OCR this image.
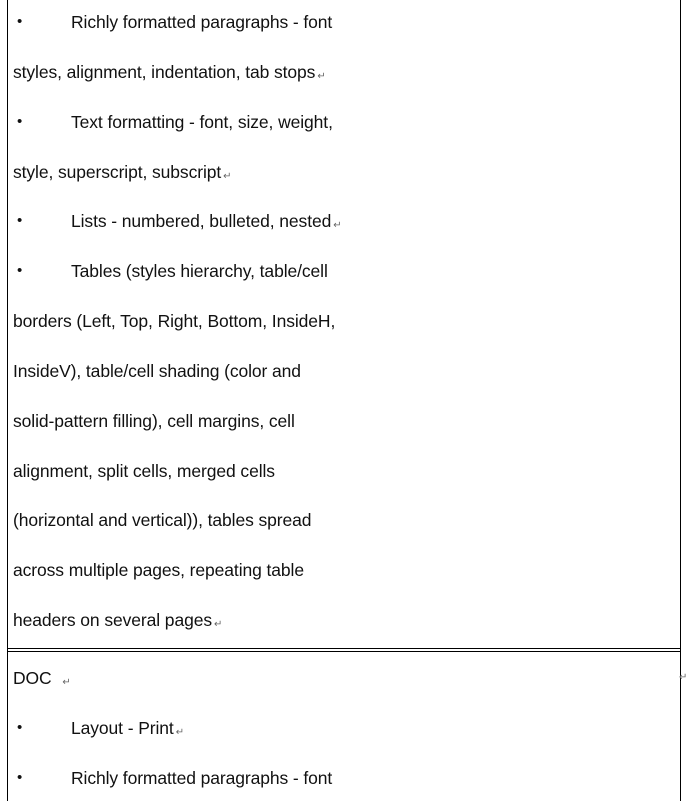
•	Richly formatted paragraphs - font
styles, alignment, indentation, tab stops ↵
•	Text formatting - font, size, weight,
style, superscript, subscript ↵
•	Lists - numbered, bulleted, nested ↵
•	Tables (styles hierarchy, table/cell
borders (Left, Top, Right, Bottom, InsideH,
InsideV), table/cell shading (color and
solid-pattern filling), cell margins, cell
alignment, split cells, merged cells
(horizontal and vertical)), tables spread
across multiple pages, repeating table
headers on several pages ↵
DOC ↵
•	Layout - Print ↵
•	Richly formatted paragraphs - font
↵
